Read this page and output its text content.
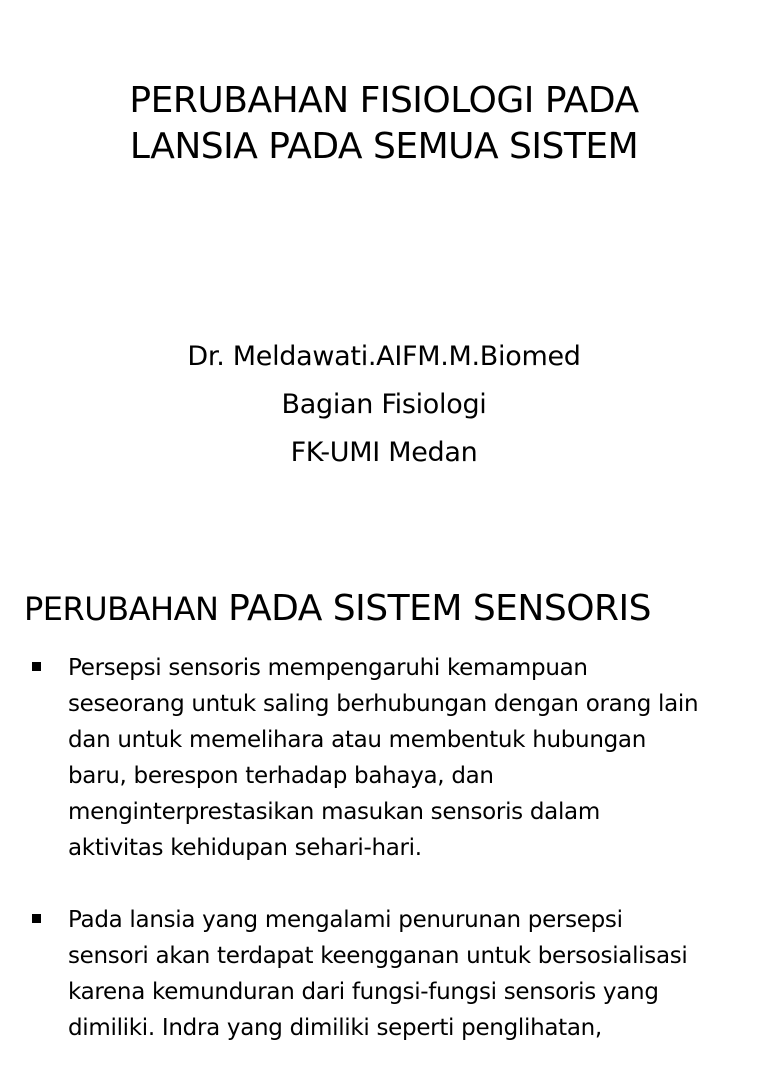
PERUBAHAN FISIOLOGI PADA
LANSIA PADA SEMUA SISTEM
Dr. Meldawati.AIFM.M.Biomed
Bagian Fisiologi
FK-UMI Medan
PERUBAHAN PADA SISTEM SENSORIS
Persepsi sensoris mempengaruhi kemampuan
seseorang untuk saling berhubungan dengan orang lain
dan untuk memelihara atau membentuk hubungan
baru, berespon terhadap bahaya, dan
menginterprestasikan masukan sensoris dalam
aktivitas kehidupan sehari-hari.
Pada lansia yang mengalami penurunan persepsi
sensori akan terdapat keengganan untuk bersosialisasi
karena kemunduran dari fungsi-fungsi sensoris yang
dimiliki. Indra yang dimiliki seperti penglihatan,
